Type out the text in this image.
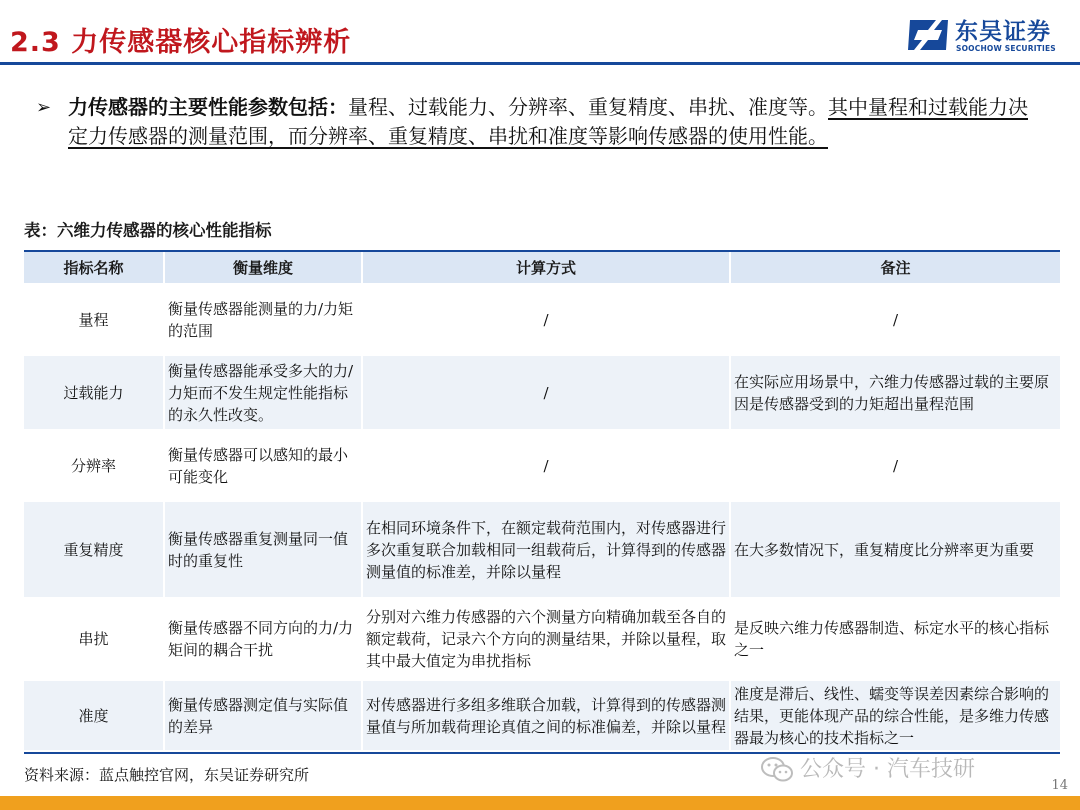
2.3 力传感器核心指标辨析	东吴证券
SOOCHOW SECURITIES
➢ 力传感器的主要性能参数包括：量程、过载能力、分辨率、重复精度、串扰、准度等。其中量程和过载能力决定力传感器的测量范围，而分辨率、重复精度、串扰和准度等影响传感器的使用性能。
表：六维力传感器的核心性能指标
指标名称	衡量维度	计算方式	备注
量程	衡量传感器能测量的力/力矩的范围	/	/
过载能力	衡量传感器能承受多大的力/力矩而不发生规定性能指标的永久性改变。	/	在实际应用场景中，六维力传感器过载的主要原因是传感器受到的力矩超出量程范围
分辨率	衡量传感器可以感知的最小可能变化	/	/
重复精度	衡量传感器重复测量同一值时的重复性	在相同环境条件下，在额定载荷范围内，对传感器进行多次重复联合加载相同一组载荷后，计算得到的传感器测量值的标准差，并除以量程	在大多数情况下，重复精度比分辨率更为重要
串扰	衡量传感器不同方向的力/力矩间的耦合干扰	分别对六维力传感器的六个测量方向精确加载至各自的额定载荷，记录六个方向的测量结果，并除以量程，取其中最大值定为串扰指标	是反映六维力传感器制造、标定水平的核心指标之一
准度	衡量传感器测定值与实际值的差异	对传感器进行多组多维联合加载，计算得到的传感器测量值与所加载荷理论真值之间的标准偏差，并除以量程	准度是滞后、线性、蠕变等误差因素综合影响的结果，更能体现产品的综合性能，是多维力传感器最为核心的技术指标之一
资料来源：蓝点触控官网，东吴证券研究所	公众号 · 汽车技研
14
